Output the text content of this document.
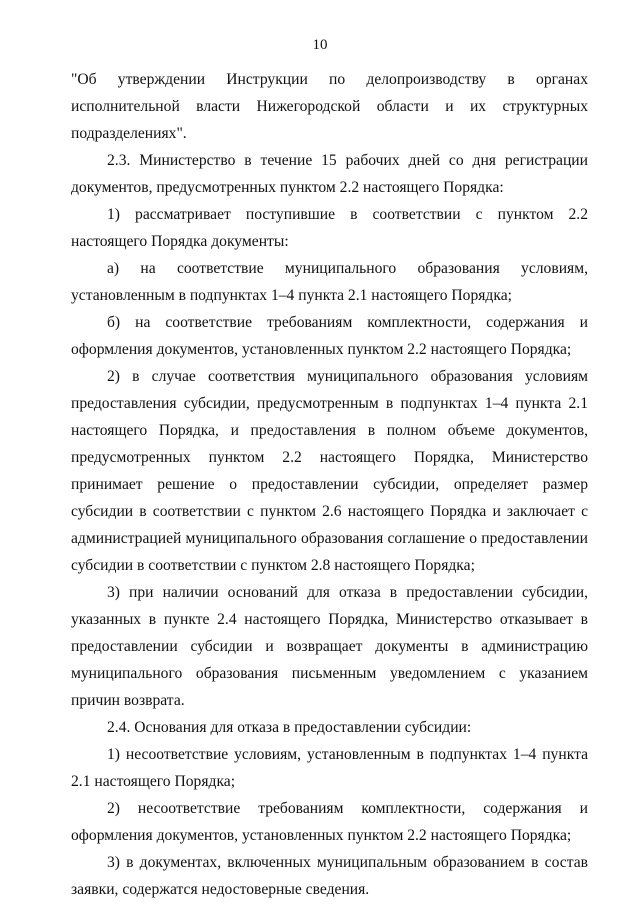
10

"Об утверждении Инструкции по делопроизводству в органах исполнительной власти Нижегородской области и их структурных подразделениях".

2.3. Министерство в течение 15 рабочих дней со дня регистрации документов, предусмотренных пунктом 2.2 настоящего Порядка:

1) рассматривает поступившие в соответствии с пунктом 2.2 настоящего Порядка документы:

а) на соответствие муниципального образования условиям, установленным в подпунктах 1–4 пункта 2.1 настоящего Порядка;

б) на соответствие требованиям комплектности, содержания и оформления документов, установленных пунктом 2.2 настоящего Порядка;

2) в случае соответствия муниципального образования условиям предоставления субсидии, предусмотренным в подпунктах 1–4 пункта 2.1 настоящего Порядка, и предоставления в полном объеме документов, предусмотренных пунктом 2.2 настоящего Порядка, Министерство принимает решение о предоставлении субсидии, определяет размер субсидии в соответствии с пунктом 2.6 настоящего Порядка и заключает с администрацией муниципального образования соглашение о предоставлении субсидии в соответствии с пунктом 2.8 настоящего Порядка;

3) при наличии оснований для отказа в предоставлении субсидии, указанных в пункте 2.4 настоящего Порядка, Министерство отказывает в предоставлении субсидии и возвращает документы в администрацию муниципального образования письменным уведомлением с указанием причин возврата.

2.4. Основания для отказа в предоставлении субсидии:

1) несоответствие условиям, установленным в подпунктах 1–4 пункта 2.1 настоящего Порядка;

2) несоответствие требованиям комплектности, содержания и оформления документов, установленных пунктом 2.2 настоящего Порядка;

3) в документах, включенных муниципальным образованием в состав заявки, содержатся недостоверные сведения.
